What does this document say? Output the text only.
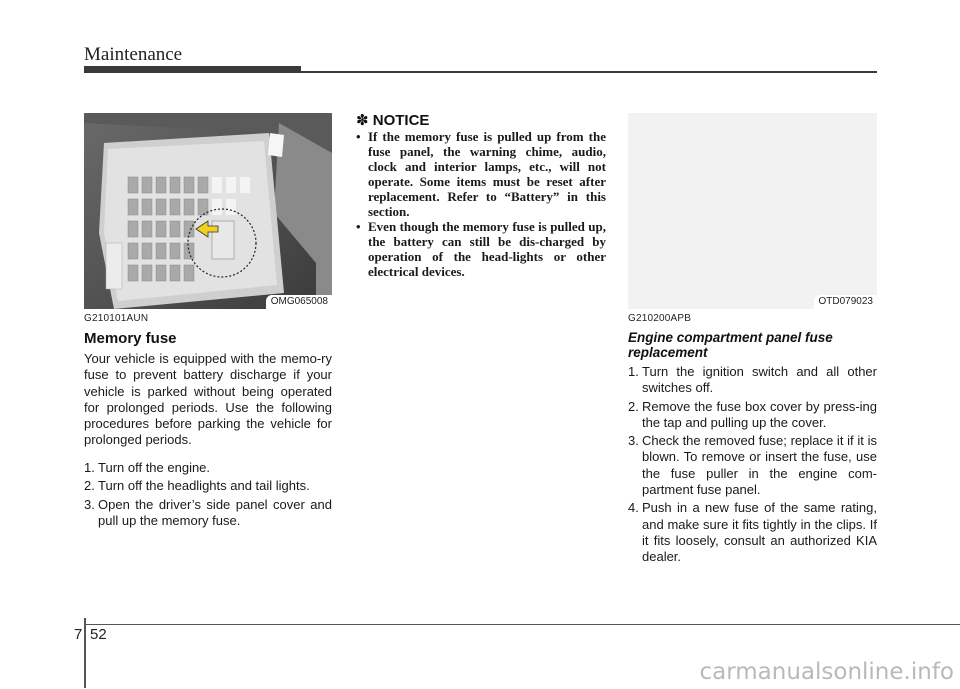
Maintenance
OMG065008
G210101AUN
Memory fuse

Your vehicle is equipped with the memo-ry fuse to prevent battery discharge if your vehicle is parked without being operated for prolonged periods. Use the following procedures before parking the vehicle for prolonged periods.

1. Turn off the engine.
2. Turn off the headlights and tail lights.
3. Open the driver’s side panel cover and pull up the memory fuse.
✽ NOTICE
• If the memory fuse is pulled up from the fuse panel, the warning chime, audio, clock and interior lamps, etc., will not operate. Some items must be reset after replacement. Refer to “Battery” in this section.
• Even though the memory fuse is pulled up, the battery can still be dis-charged by operation of the head-lights or other electrical devices.
OTD079023
G210200APB
Engine compartment panel fuse replacement
1. Turn the ignition switch and all other switches off.
2. Remove the fuse box cover by press-ing the tap and pulling up the cover.
3. Check the removed fuse; replace it if it is blown. To remove or insert the fuse, use the fuse puller in the engine com-partment fuse panel.
4. Push in a new fuse of the same rating, and make sure it fits tightly in the clips. If it fits loosely, consult an authorized KIA dealer.
7 52
carmanualsonline.info
